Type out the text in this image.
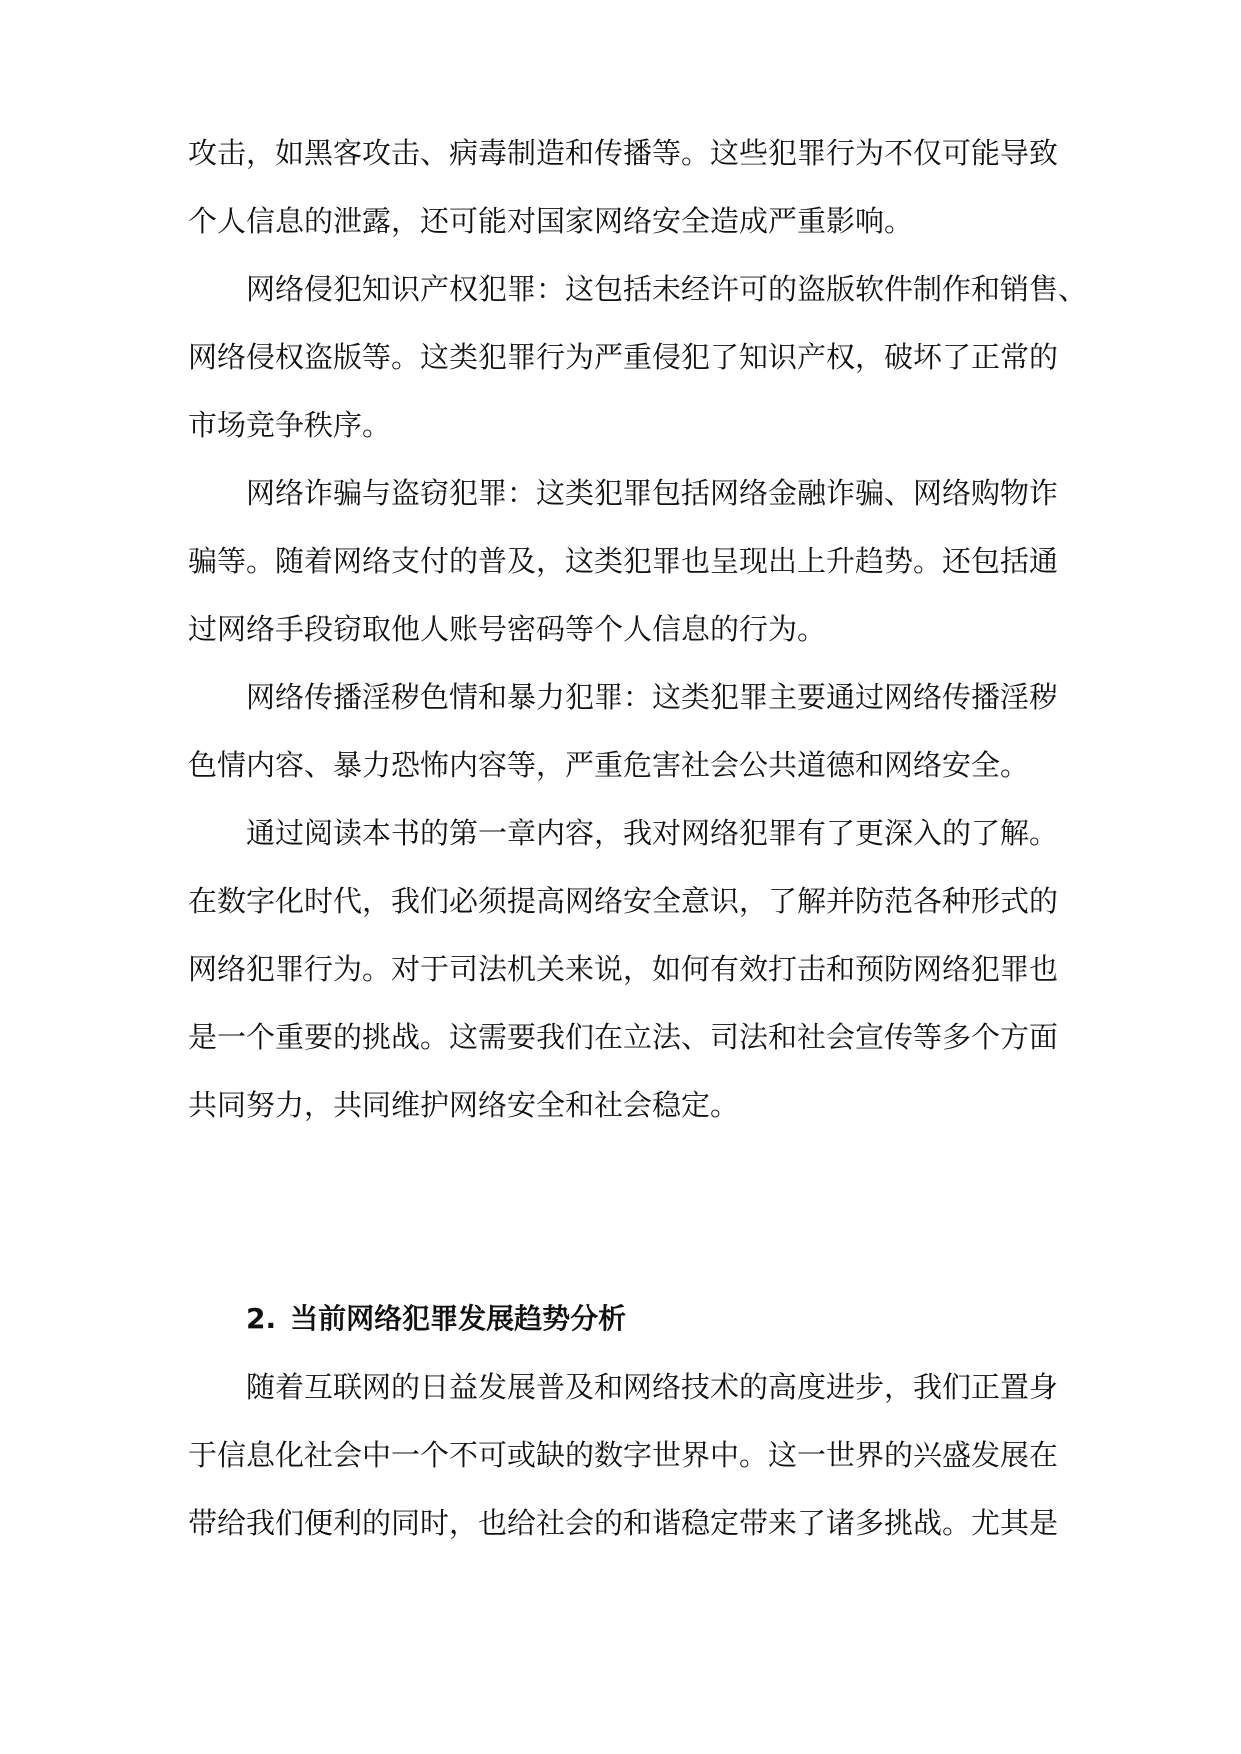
攻击，如黑客攻击、病毒制造和传播等。这些犯罪行为不仅可能导致
个人信息的泄露，还可能对国家网络安全造成严重影响。
网络侵犯知识产权犯罪：这包括未经许可的盗版软件制作和销售、
网络侵权盗版等。这类犯罪行为严重侵犯了知识产权，破坏了正常的
市场竞争秩序。
网络诈骗与盗窃犯罪：这类犯罪包括网络金融诈骗、网络购物诈
骗等。随着网络支付的普及，这类犯罪也呈现出上升趋势。还包括通
过网络手段窃取他人账号密码等个人信息的行为。
网络传播淫秽色情和暴力犯罪：这类犯罪主要通过网络传播淫秽
色情内容、暴力恐怖内容等，严重危害社会公共道德和网络安全。
通过阅读本书的第一章内容，我对网络犯罪有了更深入的了解。
在数字化时代，我们必须提高网络安全意识，了解并防范各种形式的
网络犯罪行为。对于司法机关来说，如何有效打击和预防网络犯罪也
是一个重要的挑战。这需要我们在立法、司法和社会宣传等多个方面
共同努力，共同维护网络安全和社会稳定。
2. 当前网络犯罪发展趋势分析
随着互联网的日益发展普及和网络技术的高度进步，我们正置身
于信息化社会中一个不可或缺的数字世界中。这一世界的兴盛发展在
带给我们便利的同时，也给社会的和谐稳定带来了诸多挑战。尤其是
